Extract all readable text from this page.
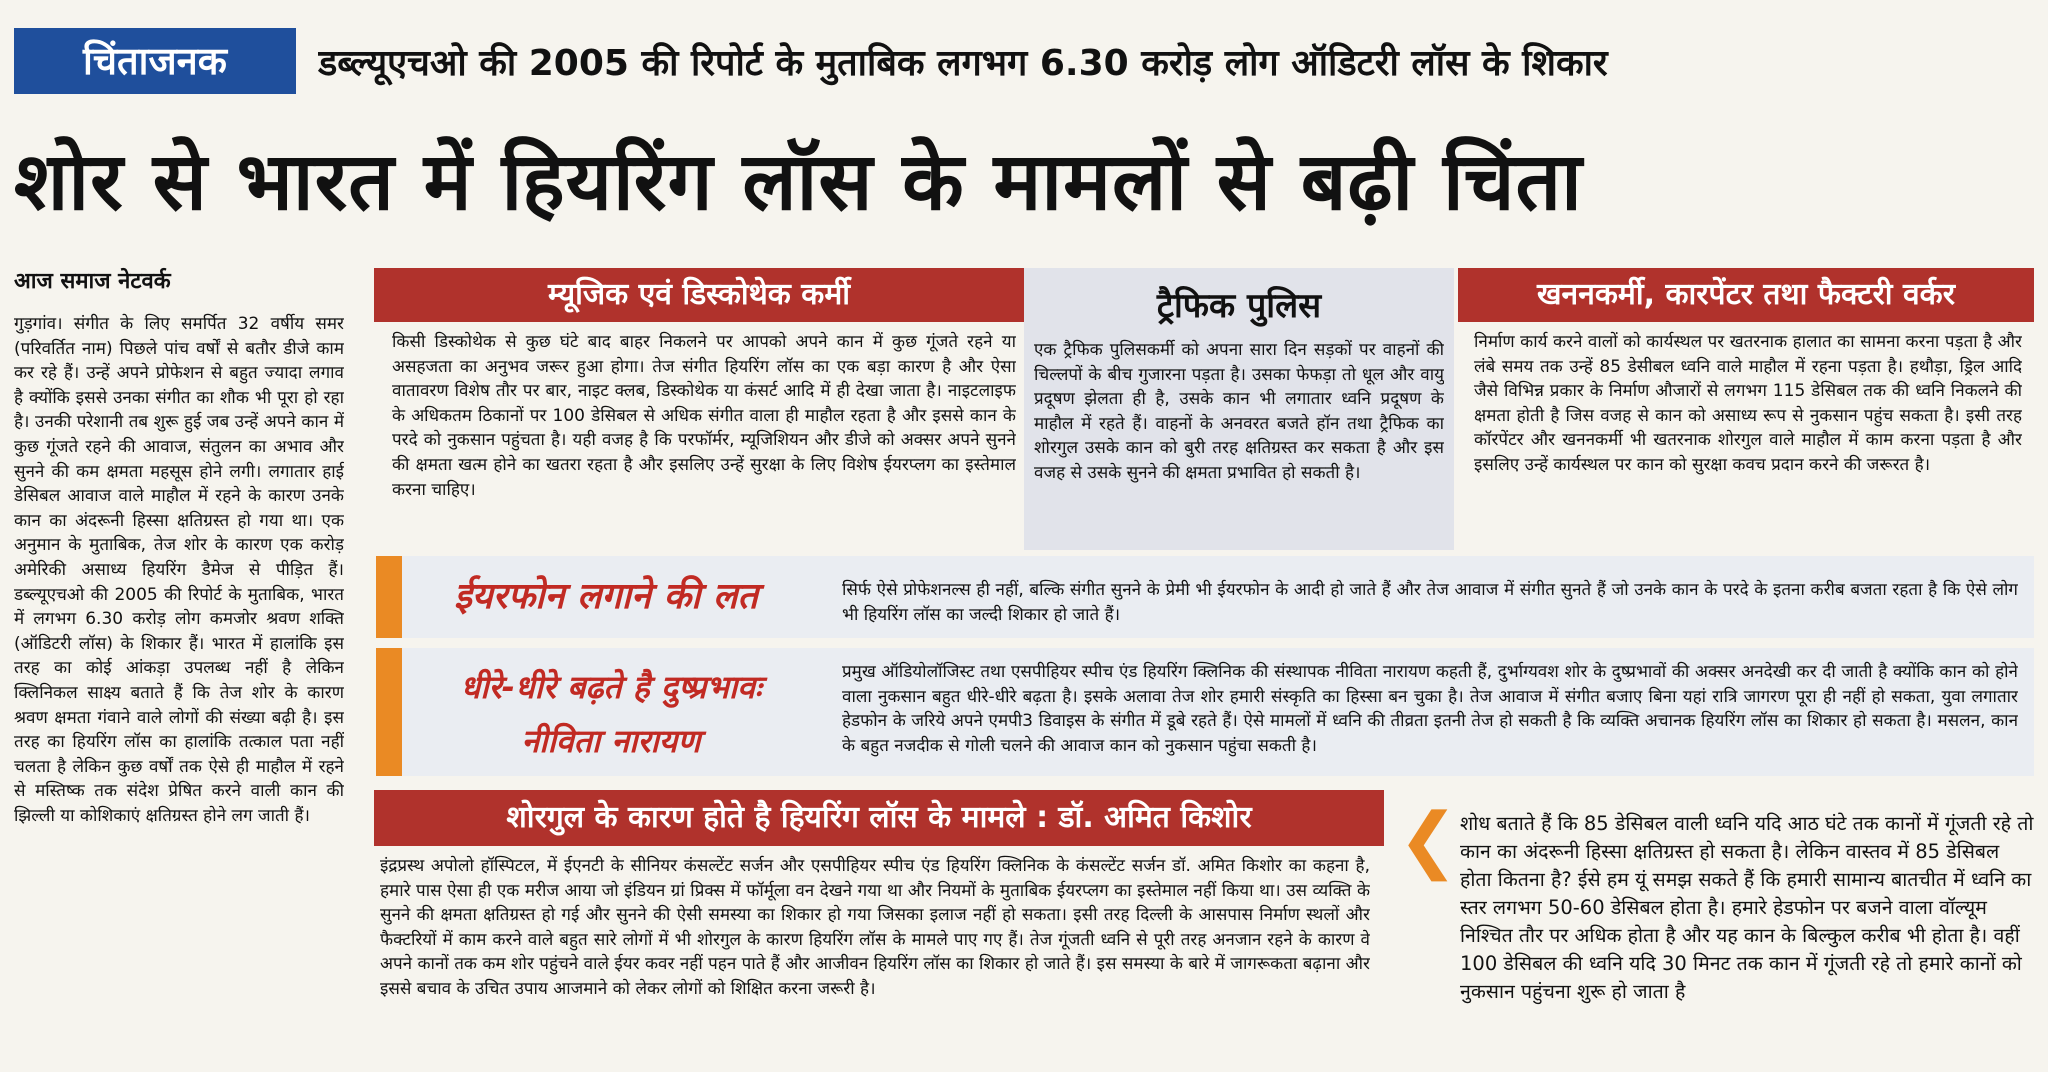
चिंताजनक	डब्ल्यूएचओ की 2005 की रिपोर्ट के मुताबिक लगभग 6.30 करोड़ लोग ऑडिटरी लॉस के शिकार
शोर से भारत में हियरिंग लॉस के मामलों से बढ़ी चिंता
आज समाज नेटवर्क
गुड़गांव। संगीत के लिए समर्पित 32 वर्षीय समर (परिवर्तित नाम) पिछले पांच वर्षों से बतौर डीजे काम कर रहे हैं। उन्हें अपने प्रोफेशन से बहुत ज्यादा लगाव है क्योंकि इससे उनका संगीत का शौक भी पूरा हो रहा है। उनकी परेशानी तब शुरू हुई जब उन्हें अपने कान में कुछ गूंजते रहने की आवाज, संतुलन का अभाव और सुनने की कम क्षमता महसूस होने लगी। लगातार हाई डेसिबल आवाज वाले माहौल में रहने के कारण उनके कान का अंदरूनी हिस्सा क्षतिग्रस्त हो गया था। एक अनुमान के मुताबिक, तेज शोर के कारण एक करोड़ अमेरिकी असाध्य हियरिंग डैमेज से पीड़ित हैं। डब्ल्यूएचओ की 2005 की रिपोर्ट के मुताबिक, भारत में लगभग 6.30 करोड़ लोग कमजोर श्रवण शक्ति (ऑडिटरी लॉस) के शिकार हैं। भारत में हालांकि इस तरह का कोई आंकड़ा उपलब्ध नहीं है लेकिन क्लिनिकल साक्ष्य बताते हैं कि तेज शोर के कारण श्रवण क्षमता गंवाने वाले लोगों की संख्या बढ़ी है। इस तरह का हियरिंग लॉस का हालांकि तत्काल पता नहीं चलता है लेकिन कुछ वर्षों तक ऐसे ही माहौल में रहने से मस्तिष्क तक संदेश प्रेषित करने वाली कान की झिल्ली या कोशिकाएं क्षतिग्रस्त होने लग जाती हैं।
म्यूजिक एवं डिस्कोथेक कर्मी
किसी डिस्कोथेक से कुछ घंटे बाद बाहर निकलने पर आपको अपने कान में कुछ गूंजते रहने या असहजता का अनुभव जरूर हुआ होगा। तेज संगीत हियरिंग लॉस का एक बड़ा कारण है और ऐसा वातावरण विशेष तौर पर बार, नाइट क्लब, डिस्कोथेक या कंसर्ट आदि में ही देखा जाता है। नाइटलाइफ के अधिकतम ठिकानों पर 100 डेसिबल से अधिक संगीत वाला ही माहौल रहता है और इससे कान के परदे को नुकसान पहुंचता है। यही वजह है कि परफॉर्मर, म्यूजिशियन और डीजे को अक्सर अपने सुनने की क्षमता खत्म होने का खतरा रहता है और इसलिए उन्हें सुरक्षा के लिए विशेष ईयरप्लग का इस्तेमाल करना चाहिए।
ट्रैफिक पुलिस
एक ट्रैफिक पुलिसकर्मी को अपना सारा दिन सड़कों पर वाहनों की चिल्लपों के बीच गुजारना पड़ता है। उसका फेफड़ा तो धूल और वायु प्रदूषण झेलता ही है, उसके कान भी लगातार ध्वनि प्रदूषण के माहौल में रहते हैं। वाहनों के अनवरत बजते हॉन तथा ट्रैफिक का शोरगुल उसके कान को बुरी तरह क्षतिग्रस्त कर सकता है और इस वजह से उसके सुनने की क्षमता प्रभावित हो सकती है।
खननकर्मी, कारपेंटर तथा फैक्टरी वर्कर
निर्माण कार्य करने वालों को कार्यस्थल पर खतरनाक हालात का सामना करना पड़ता है और लंबे समय तक उन्हें 85 डेसीबल ध्वनि वाले माहौल में रहना पड़ता है। हथौड़ा, ड्रिल आदि जैसे विभिन्न प्रकार के निर्माण औजारों से लगभग 115 डेसिबल तक की ध्वनि निकलने की क्षमता होती है जिस वजह से कान को असाध्य रूप से नुकसान पहुंच सकता है। इसी तरह कॉरपेंटर और खननकर्मी भी खतरनाक शोरगुल वाले माहौल में काम करना पड़ता है और इसलिए उन्हें कार्यस्थल पर कान को सुरक्षा कवच प्रदान करने की जरूरत है।
ईयरफोन लगाने की लत	सिर्फ ऐसे प्रोफेशनल्स ही नहीं, बल्कि संगीत सुनने के प्रेमी भी ईयरफोन के आदी हो जाते हैं और तेज आवाज में संगीत सुनते हैं जो उनके कान के परदे के इतना करीब बजता रहता है कि ऐसे लोग भी हियरिंग लॉस का जल्दी शिकार हो जाते हैं।
धीरे-धीरे बढ़ते है दुष्प्रभावः
नीविता नारायण
प्रमुख ऑडियोलॉजिस्ट तथा एसपीहियर स्पीच एंड हियरिंग क्लिनिक की संस्थापक नीविता नारायण कहती हैं, दुर्भाग्यवश शोर के दुष्प्रभावों की अक्सर अनदेखी कर दी जाती है क्योंकि कान को होने वाला नुकसान बहुत धीरे-धीरे बढ़ता है। इसके अलावा तेज शोर हमारी संस्कृति का हिस्सा बन चुका है। तेज आवाज में संगीत बजाए बिना यहां रात्रि जागरण पूरा ही नहीं हो सकता, युवा लगातार हेडफोन के जरिये अपने एमपी3 डिवाइस के संगीत में डूबे रहते हैं। ऐसे मामलों में ध्वनि की तीव्रता इतनी तेज हो सकती है कि व्यक्ति अचानक हियरिंग लॉस का शिकार हो सकता है। मसलन, कान के बहुत नजदीक से गोली चलने की आवाज कान को नुकसान पहुंचा सकती है।
शोरगुल के कारण होते है हियरिंग लॉस के मामले : डॉ. अमित किशोर
इंद्रप्रस्थ अपोलो हॉस्पिटल, में ईएनटी के सीनियर कंसल्टेंट सर्जन और एसपीहियर स्पीच एंड हियरिंग क्लिनिक के कंसल्टेंट सर्जन डॉ. अमित किशोर का कहना है, हमारे पास ऐसा ही एक मरीज आया जो इंडियन ग्रां प्रिक्स में फॉर्मूला वन देखने गया था और नियमों के मुताबिक ईयरप्लग का इस्तेमाल नहीं किया था। उस व्यक्ति के सुनने की क्षमता क्षतिग्रस्त हो गई और सुनने की ऐसी समस्या का शिकार हो गया जिसका इलाज नहीं हो सकता। इसी तरह दिल्ली के आसपास निर्माण स्थलों और फैक्टरियों में काम करने वाले बहुत सारे लोगों में भी शोरगुल के कारण हियरिंग लॉस के मामले पाए गए हैं। तेज गूंजती ध्वनि से पूरी तरह अनजान रहने के कारण वे अपने कानों तक कम शोर पहुंचने वाले ईयर कवर नहीं पहन पाते हैं और आजीवन हियरिंग लॉस का शिकार हो जाते हैं। इस समस्या के बारे में जागरूकता बढ़ाना और इससे बचाव के उचित उपाय आजमाने को लेकर लोगों को शिक्षित करना जरूरी है।
❮ शोध बताते हैं कि 85 डेसिबल वाली ध्वनि यदि आठ घंटे तक कानों में गूंजती रहे तो कान का अंदरूनी हिस्सा क्षतिग्रस्त हो सकता है। लेकिन वास्तव में 85 डेसिबल होता कितना है? ईसे हम यूं समझ सकते हैं कि हमारी सामान्य बातचीत में ध्वनि का स्तर लगभग 50-60 डेसिबल होता है। हमारे हेडफोन पर बजने वाला वॉल्यूम निश्चित तौर पर अधिक होता है और यह कान के बिल्कुल करीब भी होता है। वहीं 100 डेसिबल की ध्वनि यदि 30 मिनट तक कान में गूंजती रहे तो हमारे कानों को नुकसान पहुंचना शुरू हो जाता है
